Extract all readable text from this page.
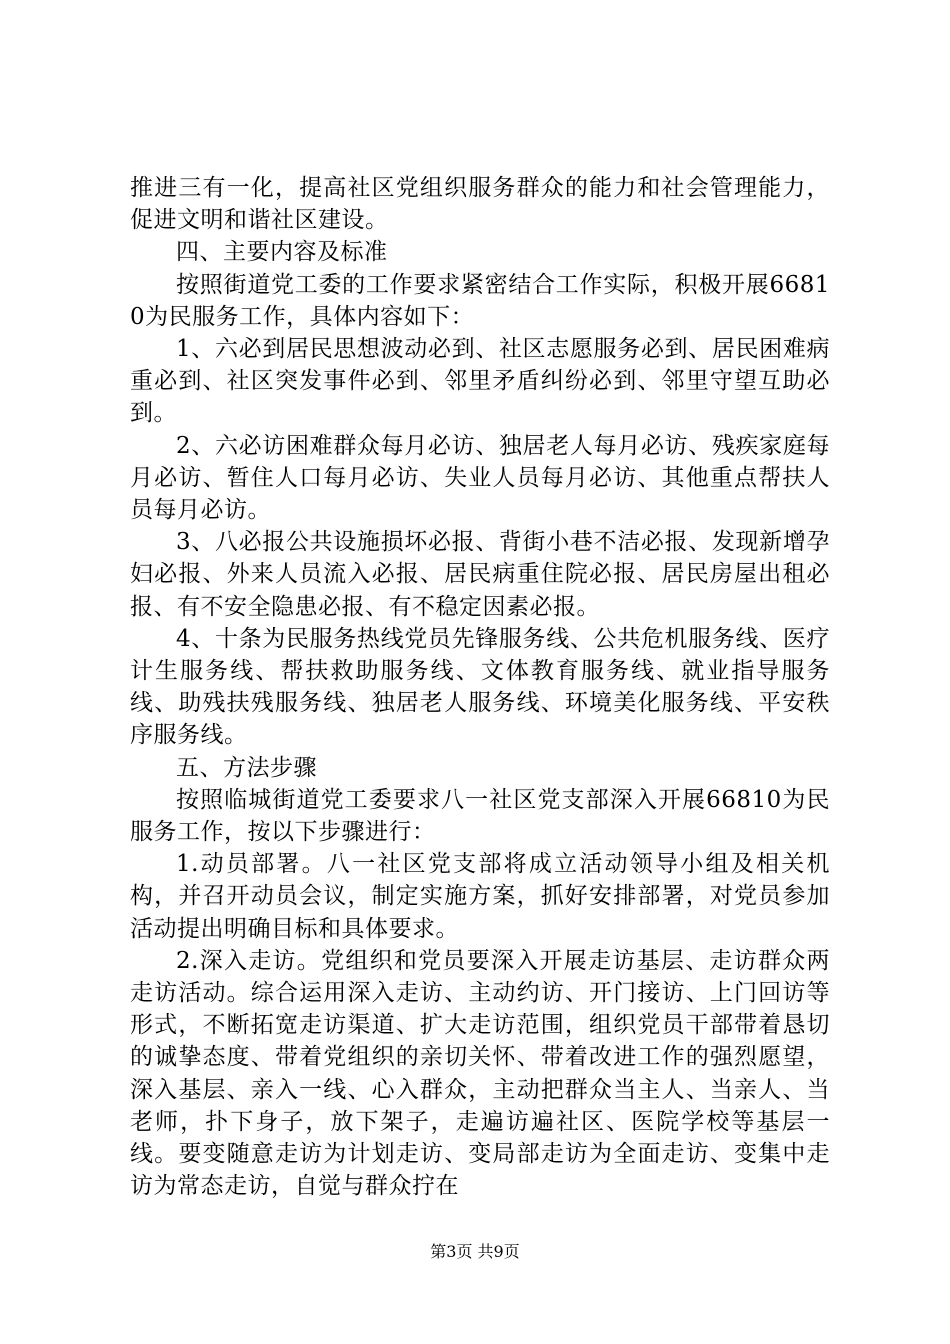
推进三有一化，提高社区党组织服务群众的能力和社会管理能力，促进文明和谐社区建设。

四、主要内容及标准

按照街道党工委的工作要求紧密结合工作实际，积极开展66810为民服务工作，具体内容如下：

1、六必到居民思想波动必到、社区志愿服务必到、居民困难病重必到、社区突发事件必到、邻里矛盾纠纷必到、邻里守望互助必到。

2、六必访困难群众每月必访、独居老人每月必访、残疾家庭每月必访、暂住人口每月必访、失业人员每月必访、其他重点帮扶人员每月必访。

3、八必报公共设施损坏必报、背街小巷不洁必报、发现新增孕妇必报、外来人员流入必报、居民病重住院必报、居民房屋出租必报、有不安全隐患必报、有不稳定因素必报。

4、十条为民服务热线党员先锋服务线、公共危机服务线、医疗计生服务线、帮扶救助服务线、文体教育服务线、就业指导服务线、助残扶残服务线、独居老人服务线、环境美化服务线、平安秩序服务线。

五、方法步骤

按照临城街道党工委要求八一社区党支部深入开展66810为民服务工作，按以下步骤进行：

1.动员部署。八一社区党支部将成立活动领导小组及相关机构，并召开动员会议，制定实施方案，抓好安排部署，对党员参加活动提出明确目标和具体要求。

2.深入走访。党组织和党员要深入开展走访基层、走访群众两走访活动。综合运用深入走访、主动约访、开门接访、上门回访等形式，不断拓宽走访渠道、扩大走访范围，组织党员干部带着恳切的诚挚态度、带着党组织的亲切关怀、带着改进工作的强烈愿望，深入基层、亲入一线、心入群众，主动把群众当主人、当亲人、当老师，扑下身子，放下架子，走遍访遍社区、医院学校等基层一线。要变随意走访为计划走访、变局部走访为全面走访、变集中走访为常态走访，自觉与群众拧在

第3页 共9页
